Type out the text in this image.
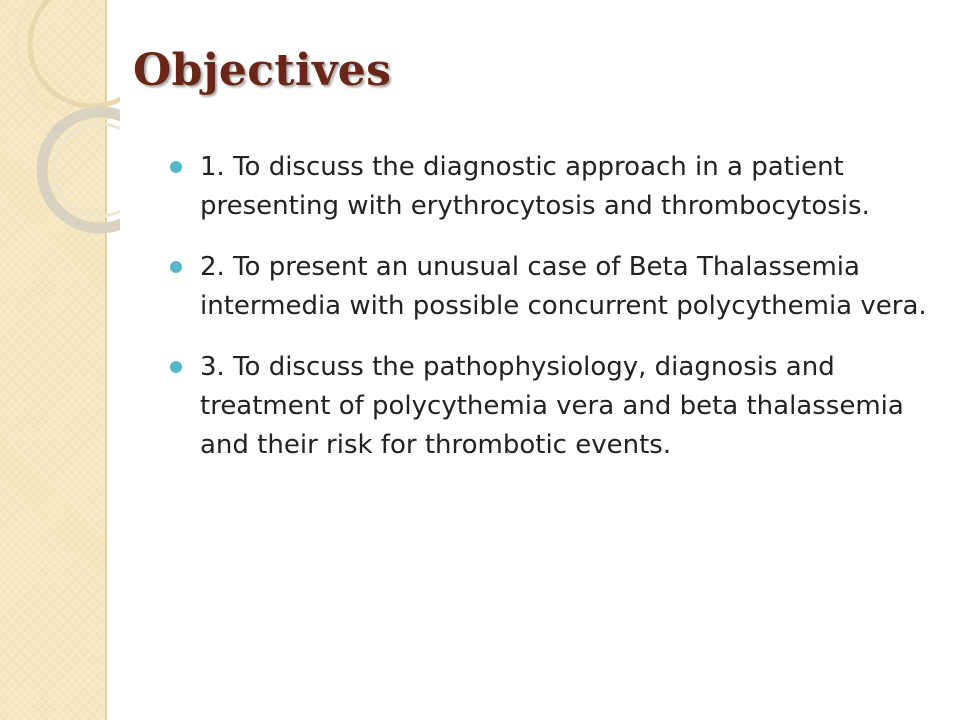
Objectives
1. To discuss the diagnostic approach in a patient presenting with erythrocytosis and thrombocytosis.
2. To present an unusual case of Beta Thalassemia intermedia with possible concurrent polycythemia vera.
3. To discuss the pathophysiology, diagnosis and treatment of polycythemia vera and beta thalassemia and their risk for thrombotic events.
